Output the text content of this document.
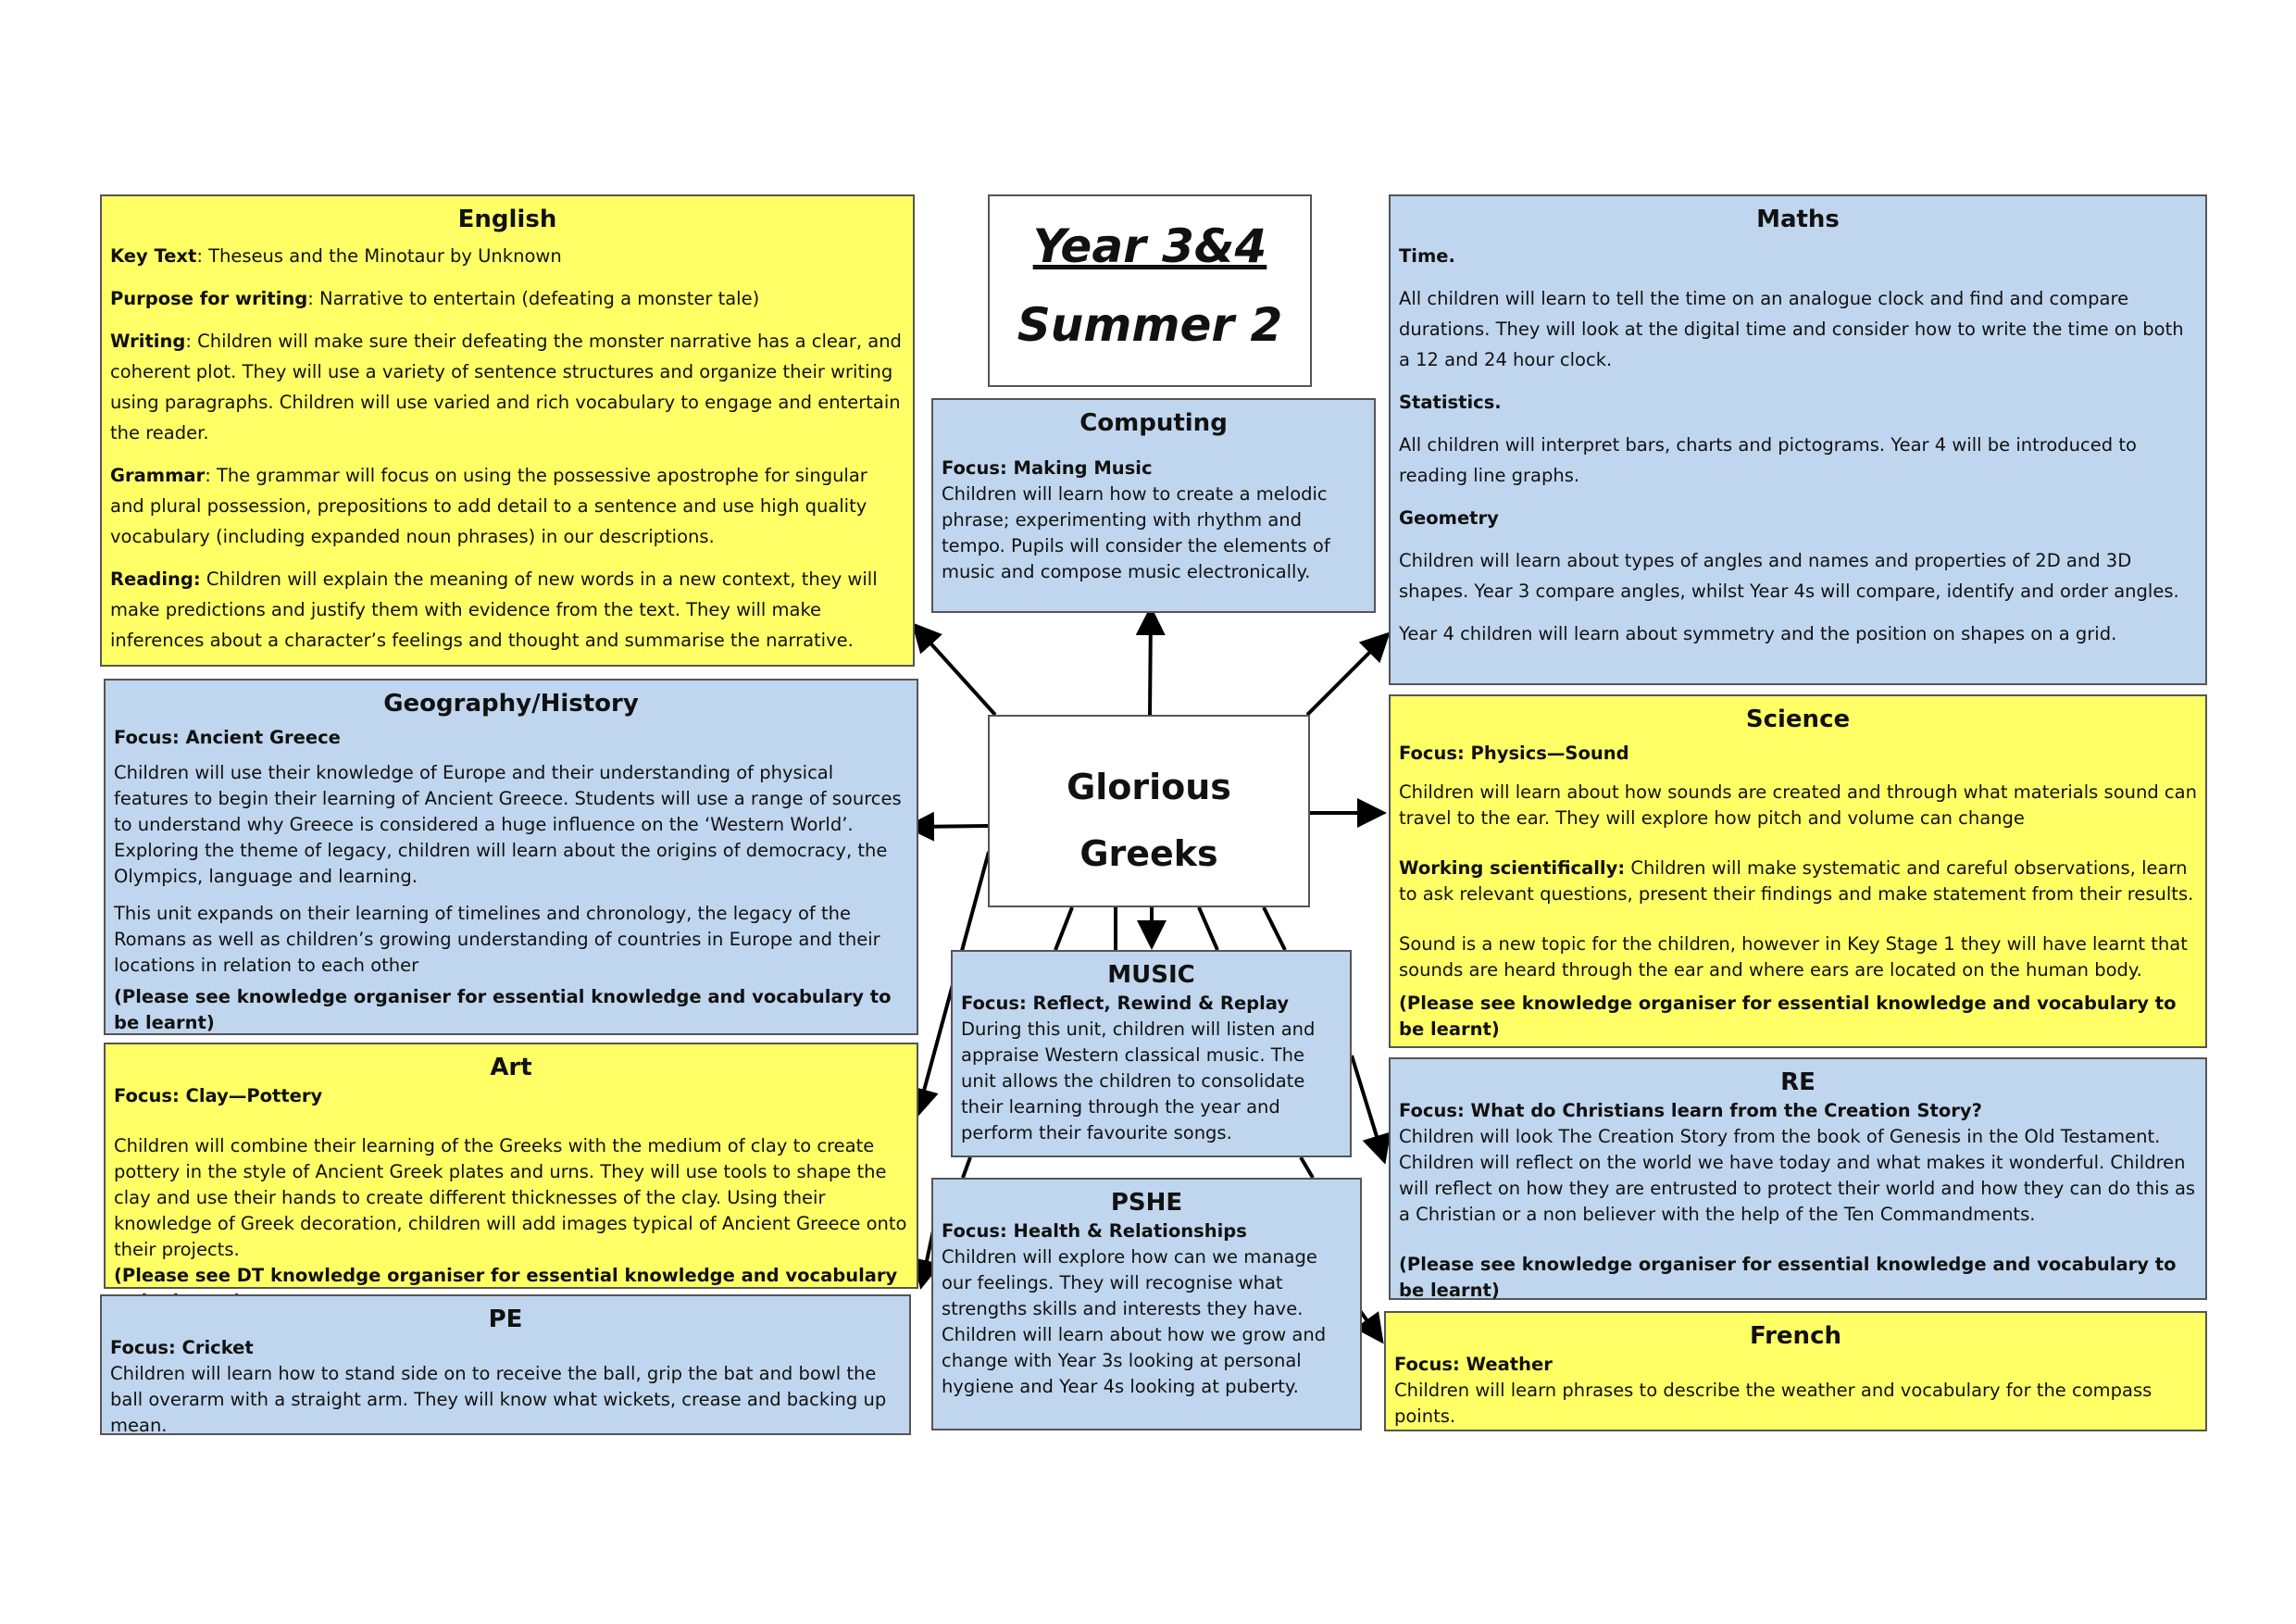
English
Key Text: Theseus and the Minotaur by Unknown
Purpose for writing: Narrative to entertain (defeating a monster tale)
Writing: Children will make sure their defeating the monster narrative has a clear, and coherent plot. They will use a variety of sentence structures and organize their writing using paragraphs. Children will use varied and rich vocabulary to engage and entertain the reader.
Grammar: The grammar will focus on using the possessive apostrophe for singular and plural possession, prepositions to add detail to a sentence and use high quality vocabulary (including expanded noun phrases) in our descriptions.
Reading: Children will explain the meaning of new words in a new context, they will make predictions and justify them with evidence from the text. They will make inferences about a character’s feelings and thought and summarise the narrative.
Year 3&4
Summer 2
Computing
Focus: Making Music
Children will learn how to create a melodic phrase; experimenting with rhythm and tempo. Pupils will consider the elements of music and compose music electronically.
Maths
Time.
All children will learn to tell the time on an analogue clock and find and compare durations. They will look at the digital time and consider how to write the time on both a 12 and 24 hour clock.
Statistics.
All children will interpret bars, charts and pictograms. Year 4 will be introduced to reading line graphs.
Geometry
Children will learn about types of angles and names and properties of 2D and 3D shapes. Year 3 compare angles, whilst Year 4s will compare, identify and order angles.
Year 4 children will learn about symmetry and the position on shapes on a grid.
Geography/History
Focus: Ancient Greece
Children will use their knowledge of Europe and their understanding of physical features to begin their learning of Ancient Greece. Students will use a range of sources to understand why Greece is considered a huge influence on the ‘Western World’. Exploring the theme of legacy, children will learn about the origins of democracy, the Olympics, language and learning.
This unit expands on their learning of timelines and chronology, the legacy of the Romans as well as children’s growing understanding of countries in Europe and their locations in relation to each other
(Please see knowledge organiser for essential knowledge and vocabulary to be learnt)
Glorious
Greeks
Science
Focus: Physics—Sound
Children will learn about how sounds are created and through what materials sound can travel to the ear. They will explore how pitch and volume can change
Working scientifically: Children will make systematic and careful observations, learn to ask relevant questions, present their findings and make statement from their results.
Sound is a new topic for the children, however in Key Stage 1 they will have learnt that sounds are heard through the ear and where ears are located on the human body.
(Please see knowledge organiser for essential knowledge and vocabulary to be learnt)
MUSIC
Focus: Reflect, Rewind & Replay
During this unit, children will listen and appraise Western classical music. The unit allows the children to consolidate their learning through the year and perform their favourite songs.
Art
Focus: Clay—Pottery
Children will combine their learning of the Greeks with the medium of clay to create pottery in the style of Ancient Greek plates and urns. They will use tools to shape the clay and use their hands to create different thicknesses of the clay. Using their knowledge of Greek decoration, children will add images typical of Ancient Greece onto their projects.
(Please see DT knowledge organiser for essential knowledge and vocabulary
RE
Focus: What do Christians learn from the Creation Story?
Children will look The Creation Story from the book of Genesis in the Old Testament. Children will reflect on the world we have today and what makes it wonderful. Children will reflect on how they are entrusted to protect their world and how they can do this as a Christian or a non believer with the help of the Ten Commandments.
(Please see knowledge organiser for essential knowledge and vocabulary to be learnt)
PSHE
Focus: Health & Relationships
Children will explore how can we manage our feelings. They will recognise what strengths skills and interests they have.
Children will learn about how we grow and change with Year 3s looking at personal hygiene and Year 4s looking at puberty.
PE
Focus: Cricket
Children will learn how to stand side on to receive the ball, grip the bat and bowl the ball overarm with a straight arm. They will know what wickets, crease and backing up mean.
French
Focus: Weather
Children will learn phrases to describe the weather and vocabulary for the compass points.
